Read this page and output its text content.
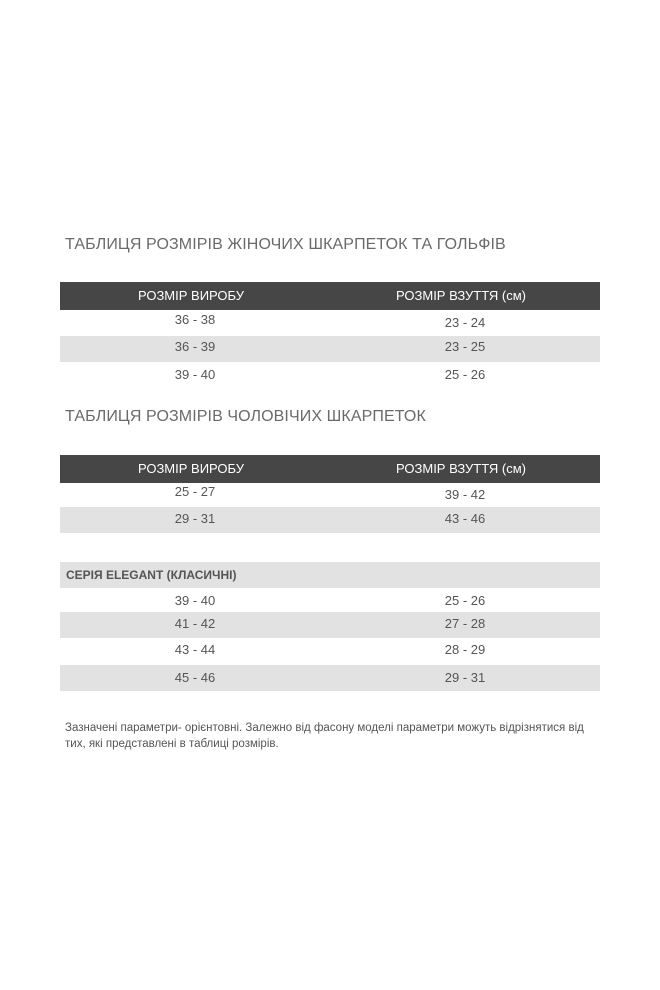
ТАБЛИЦЯ РОЗМІРІВ ЖІНОЧИХ ШКАРПЕТОК ТА ГОЛЬФІВ
РОЗМІР ВИРОБУ	РОЗМІР ВЗУТТЯ (см)
36 - 38	23 - 24
36 - 39	23 - 25
39 - 40	25 - 26
ТАБЛИЦЯ РОЗМІРІВ ЧОЛОВІЧИХ ШКАРПЕТОК
РОЗМІР ВИРОБУ	РОЗМІР ВЗУТТЯ (см)
25 - 27	39 - 42
29 - 31	43 - 46
СЕРІЯ ELEGANT (КЛАСИЧНІ)
39 - 40	25 - 26
41 - 42	27 - 28
43 - 44	28 - 29
45 - 46	29 - 31
Зазначені параметри- орієнтовні. Залежно від фасону моделі параметри можуть відрізнятися від тих, які представлені в таблиці розмірів.
